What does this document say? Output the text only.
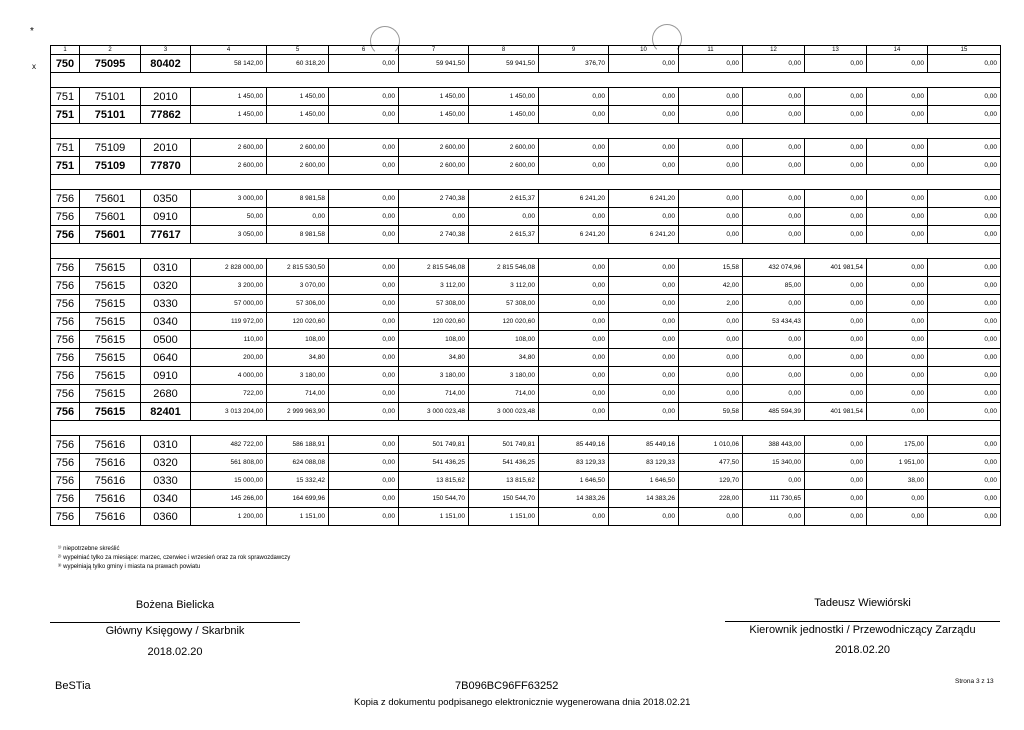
*
x
1	2	3	4	5	6	7	8	9	10	11	12	13	14	15
750	75095	80402	58 142,00	60 318,20	0,00	59 941,50	59 941,50	376,70	0,00	0,00	0,00	0,00	0,00	0,00

751	75101	2010	1 450,00	1 450,00	0,00	1 450,00	1 450,00	0,00	0,00	0,00	0,00	0,00	0,00	0,00
751	75101	77862	1 450,00	1 450,00	0,00	1 450,00	1 450,00	0,00	0,00	0,00	0,00	0,00	0,00	0,00

751	75109	2010	2 600,00	2 600,00	0,00	2 600,00	2 600,00	0,00	0,00	0,00	0,00	0,00	0,00	0,00
751	75109	77870	2 600,00	2 600,00	0,00	2 600,00	2 600,00	0,00	0,00	0,00	0,00	0,00	0,00	0,00

756	75601	0350	3 000,00	8 981,58	0,00	2 740,38	2 615,37	6 241,20	6 241,20	0,00	0,00	0,00	0,00	0,00
756	75601	0910	50,00	0,00	0,00	0,00	0,00	0,00	0,00	0,00	0,00	0,00	0,00	0,00
756	75601	77617	3 050,00	8 981,58	0,00	2 740,38	2 615,37	6 241,20	6 241,20	0,00	0,00	0,00	0,00	0,00

756	75615	0310	2 828 000,00	2 815 530,50	0,00	2 815 546,08	2 815 546,08	0,00	0,00	15,58	432 074,96	401 981,54	0,00	0,00
756	75615	0320	3 200,00	3 070,00	0,00	3 112,00	3 112,00	0,00	0,00	42,00	85,00	0,00	0,00	0,00
756	75615	0330	57 000,00	57 306,00	0,00	57 308,00	57 308,00	0,00	0,00	2,00	0,00	0,00	0,00	0,00
756	75615	0340	119 972,00	120 020,60	0,00	120 020,60	120 020,60	0,00	0,00	0,00	53 434,43	0,00	0,00	0,00
756	75615	0500	110,00	108,00	0,00	108,00	108,00	0,00	0,00	0,00	0,00	0,00	0,00	0,00
756	75615	0640	200,00	34,80	0,00	34,80	34,80	0,00	0,00	0,00	0,00	0,00	0,00	0,00
756	75615	0910	4 000,00	3 180,00	0,00	3 180,00	3 180,00	0,00	0,00	0,00	0,00	0,00	0,00	0,00
756	75615	2680	722,00	714,00	0,00	714,00	714,00	0,00	0,00	0,00	0,00	0,00	0,00	0,00
756	75615	82401	3 013 204,00	2 999 963,90	0,00	3 000 023,48	3 000 023,48	0,00	0,00	59,58	485 594,39	401 981,54	0,00	0,00

756	75616	0310	482 722,00	586 188,91	0,00	501 749,81	501 749,81	85 449,16	85 449,16	1 010,06	388 443,00	0,00	175,00	0,00
756	75616	0320	561 808,00	624 088,08	0,00	541 436,25	541 436,25	83 129,33	83 129,33	477,50	15 340,00	0,00	1 951,00	0,00
756	75616	0330	15 000,00	15 332,42	0,00	13 815,62	13 815,62	1 646,50	1 646,50	129,70	0,00	0,00	38,00	0,00
756	75616	0340	145 266,00	164 699,96	0,00	150 544,70	150 544,70	14 383,26	14 383,26	228,00	111 730,65	0,00	0,00	0,00
756	75616	0360	1 200,00	1 151,00	0,00	1 151,00	1 151,00	0,00	0,00	0,00	0,00	0,00	0,00	0,00
¹⁾ niepotrzebne skreślić
²⁾ wypełniać tylko za miesiące: marzec, czerwiec i wrzesień oraz za rok sprawozdawczy
³⁾ wypełniają tylko gminy i miasta na prawach powiatu
Bożena Bielicka
Główny Księgowy / Skarbnik
2018.02.20
Tadeusz Wiewiórski
Kierownik jednostki / Przewodniczący Zarządu
2018.02.20
BeSTia	7B096BC96FF63252
Kopia z dokumentu podpisanego elektronicznie wygenerowana dnia 2018.02.21
Strona 3 z 13
